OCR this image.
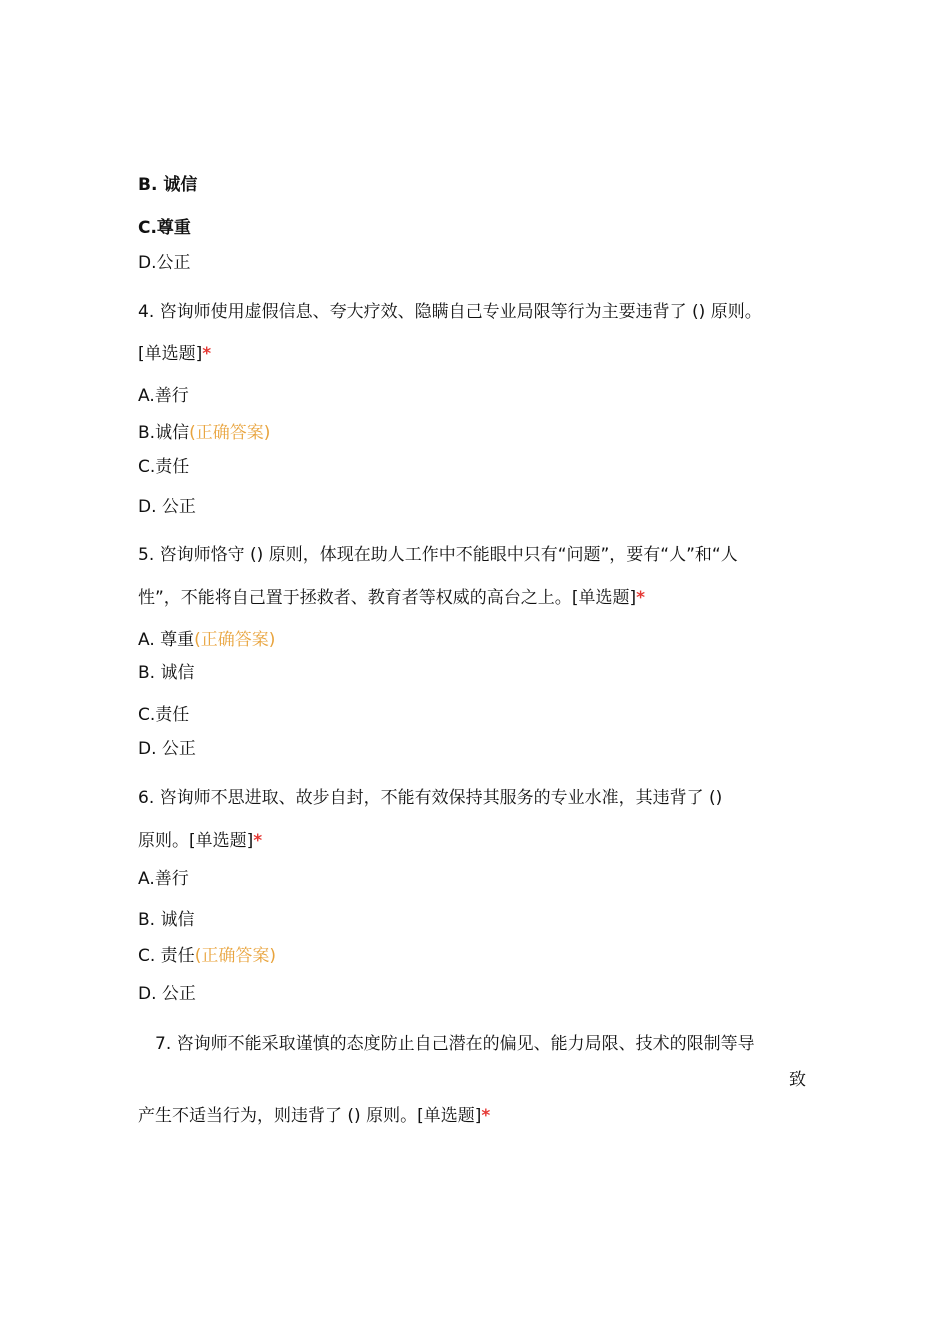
B. 诚信
C.尊重
D.公正
4. 咨询师使用虚假信息、夸大疗效、隐瞒自己专业局限等行为主要违背了 () 原则。
[单选题]*
A.善行
B.诚信(正确答案)
C.责任
D. 公正
5. 咨询师恪守 () 原则，体现在助人工作中不能眼中只有“问题”，要有“人”和“人
性”，不能将自己置于拯救者、教育者等权威的高台之上。[单选题]*
A. 尊重(正确答案)
B. 诚信
C.责任
D. 公正
6. 咨询师不思进取、故步自封，不能有效保持其服务的专业水准，其违背了 ()
原则。[单选题]*
A.善行
B. 诚信
C. 责任(正确答案)
D. 公正
7. 咨询师不能采取谨慎的态度防止自己潜在的偏见、能力局限、技术的限制等导
致
产生不适当行为，则违背了 () 原则。[单选题]*
